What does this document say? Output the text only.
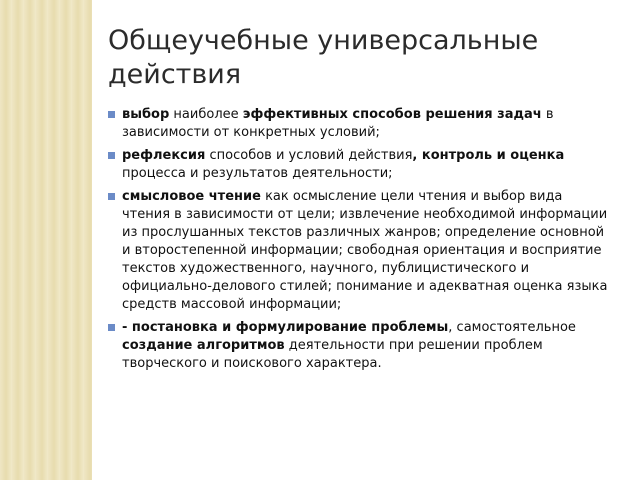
Общеучебные универсальные действия
выбор наиболее эффективных способов решения задач в зависимости от конкретных условий;
рефлексия способов и условий действия, контроль и оценка процесса и результатов деятельности;
смысловое чтение как осмысление цели чтения и выбор вида чтения в зависимости от цели; извлечение необходимой информации из прослушанных текстов различных жанров; определение основной и второстепенной информации; свободная ориентация и восприятие текстов художественного, научного, публицистического и официально-делового стилей; понимание и адекватная оценка языка средств массовой информации;
- постановка и формулирование проблемы, самостоятельное создание алгоритмов деятельности при решении проблем творческого и поискового характера.
